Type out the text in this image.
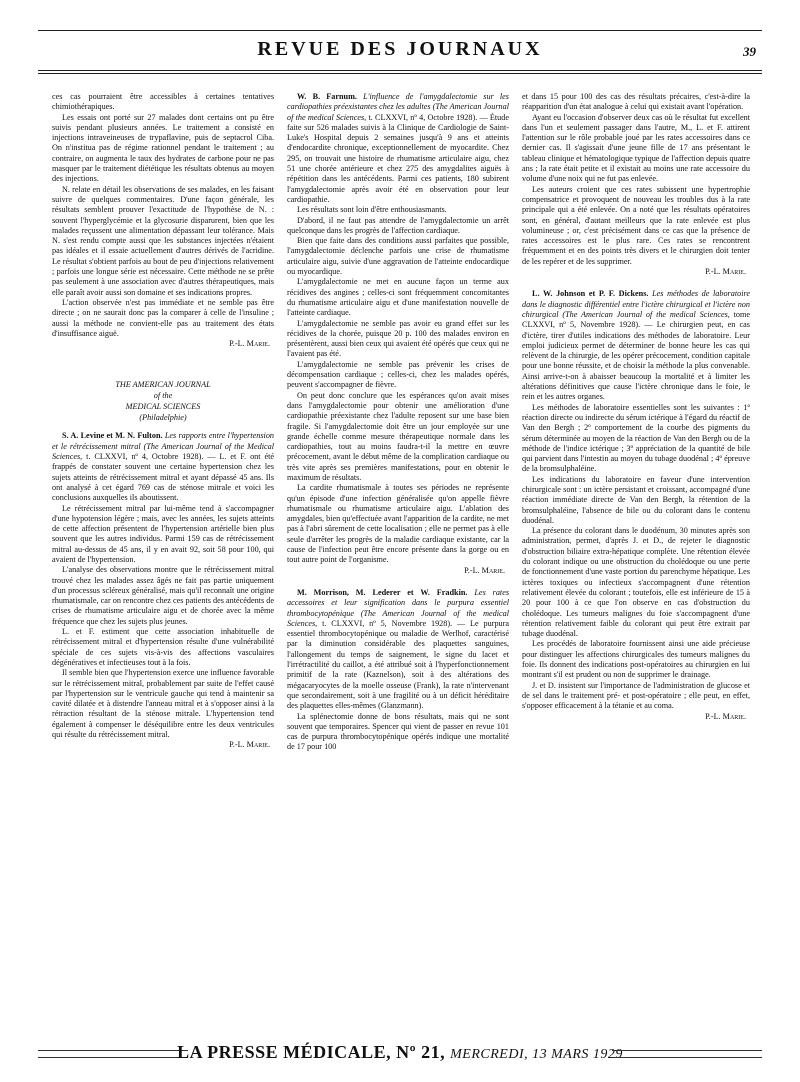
REVUE DES JOURNAUX	39

ces cas pourraient être accessibles à certaines tentatives chimiothérapiques.

Les essais ont porté sur 27 malades dont certains ont pu être suivis pendant plusieurs années. Le traitement a consisté en injections intraveineuses de trypaflavine, puis de septacrol Ciba. On n'institua pas de régime rationnel pendant le traitement ; au contraire, on augmenta le taux des hydrates de carbone pour ne pas masquer par le traitement diététique les résultats obtenus au moyen des injections.

N. relate en détail les observations de ses malades, en les faisant suivre de quelques commentaires. D'une façon générale, les résultats semblent prouver l'exactitude de l'hypothèse de N. : souvent l'hyperglycémie et la glycosurie disparurent, bien que les malades reçussent une alimentation dépassant leur tolérance. Mais N. s'est rendu compte aussi que les substances injectées n'étaient pas idéales et il essaie actuellement d'autres dérivés de l'acridine. Le résultat s'obtient parfois au bout de peu d'injections relativement ; parfois une longue série est nécessaire. Cette méthode ne se prête pas seulement à une association avec d'autres thérapeutiques, mais elle paraît avoir aussi son domaine et ses indications propres.

L'action observée n'est pas immédiate et ne semble pas être directe ; on ne saurait donc pas la comparer à celle de l'insuline ; aussi la méthode ne convient-elle pas au traitement des états d'insuffisance aiguë.

P.-L. Marie.
THE AMERICAN JOURNAL
of the
MEDICAL SCIENCES
(Philadelphie)

S. A. Levine et M. N. Fulton. Les rapports entre l'hypertension et le rétrécissement mitral (The American Journal of the Medical Sciences, t. CLXXVI, nº 4, Octobre 1928). — L. et F. ont été frappés de constater souvent une certaine hypertension chez les sujets atteints de rétrécissement mitral et ayant dépassé 45 ans. Ils ont analysé à cet égard 769 cas de sténose mitrale et voici les conclusions auxquelles ils aboutissent.

Le rétrécissement mitral par lui-même tend à s'accompagner d'une hypotension légère ; mais, avec les années, les sujets atteints de cette affection présentent de l'hypertension artérielle bien plus souvent que les autres individus. Parmi 159 cas de rétrécissement mitral au-dessus de 45 ans, il y en avait 92, soit 58 pour 100, qui avaient de l'hypertension.

L'analyse des observations montre que le rétrécissement mitral trouvé chez les malades assez âgés ne fait pas partie uniquement d'un processus scléreux généralisé, mais qu'il reconnaît une origine rhumatismale, car on rencontre chez ces patients des antécédents de crises de rhumatisme articulaire aigu et de chorée avec la même fréquence que chez les sujets plus jeunes.

L. et F. estiment que cette association inhabituelle de rétrécissement mitral et d'hypertension résulte d'une vulnérabilité spéciale de ces sujets vis-à-vis des affections vasculaires dégénératives et infectieuses tout à la fois.

Il semble bien que l'hypertension exerce une influence favorable sur le rétrécissement mitral, probablement par suite de l'effet causé par l'hypertension sur le ventricule gauche qui tend à maintenir sa cavité dilatée et à distendre l'anneau mitral et à s'opposer ainsi à la rétraction résultant de la sténose mitrale. L'hypertension tend également à compenser le déséquilibre entre les deux ventricules qui résulte du rétrécissement mitral.

P.-L. Marie.

W. B. Farnum. L'influence de l'amygdalectomie sur les cardiopathies préexistantes chez les adultes (The American Journal of the medical Sciences, t. CLXXVI, nº 4, Octobre 1928). — Étude faite sur 526 malades suivis à la Clinique de Cardiologie de Saint-Luke's Hospital depuis 2 semaines jusqu'à 9 ans et atteints d'endocardite chronique, exceptionnellement de myocardite. Chez 295, on trouvait une histoire de rhumatisme articulaire aigu, chez 51 une chorée antérieure et chez 275 des amygdalites aiguës à répétition dans les antécédents. Parmi ces patients, 180 subirent l'amygdalectomie après avoir été en observation pour leur cardiopathie.

Les résultats sont loin d'être enthousiasmants.

D'abord, il ne faut pas attendre de l'amygdalectomie un arrêt quelconque dans les progrès de l'affection cardiaque.

Bien que faite dans des conditions aussi parfaites que possible, l'amygdalectomie déclenche parfois une crise de rhumatisme articulaire aigu, suivie d'une aggravation de l'atteinte endocardique ou myocardique.

L'amygdalectomie ne met en aucune façon un terme aux récidives des angines ; celles-ci sont fréquemment concomitantes du rhumatisme articulaire aigu et d'une manifestation nouvelle de l'atteinte cardiaque.

L'amygdalectomie ne semble pas avoir eu grand effet sur les récidives de la chorée, puisque 20 p. 100 des malades environ en présentèrent, aussi bien ceux qui avaient été opérés que ceux qui ne l'avaient pas été.

L'amygdalectomie ne semble pas prévenir les crises de décompensation cardiaque ; celles-ci, chez les malades opérés, peuvent s'accompagner de fièvre.

On peut donc conclure que les espérances qu'on avait mises dans l'amygdalectomie pour obtenir une amélioration d'une cardiopathie préexistante chez l'adulte reposent sur une base bien fragile. Si l'amygdalectomie doit être un jour employée sur une grande échelle comme mesure thérapeutique normale dans les cardiopathies, tout au moins faudra-t-il la mettre en œuvre précocement, avant le début même de la complication cardiaque ou très vite après ses premières manifestations, pour en obtenir le maximum de résultats.

La cardite rhumatismale à toutes ses périodes ne représente qu'un épisode d'une infection généralisée qu'on appelle fièvre rhumatismale ou rhumatisme articulaire aigu. L'ablation des amygdales, bien qu'effectuée avant l'apparition de la cardite, ne met pas à l'abri sûrement de cette localisation ; elle ne permet pas à elle seule d'arrêter les progrès de la maladie cardiaque existante, car la cause de l'infection peut être encore présente dans la gorge ou en tout autre point de l'organisme.

P.-L. Marie.

M. Morrison, M. Lederer et W. Fradkin. Les rates accessoires et leur signification dans le purpura essentiel thrombocytopénique (The American Journal of the medical Sciences, t. CLXXVI, nº 5, Novembre 1928). — Le purpura essentiel thrombocytopénique ou maladie de Werlhof, caractérisé par la diminution considérable des plaquettes sanguines, l'allongement du temps de saignement, le signe du lacet et l'irrétractilité du caillot, a été attribué soit à l'hyperfonctionnement primitif de la rate (Kaznelson), soit à des altérations des mégacaryocytes de la moelle osseuse (Frank), la rate n'intervenant que secondairement, soit à une fragilité ou à un déficit héréditaire des plaquettes elles-mêmes (Glanzmann).

La splénectomie donne de bons résultats, mais qui ne sont souvent que temporaires. Spencer qui vient de passer en revue 101 cas de purpura thrombocytopénique opérés indique une mortalité de 17 pour 100

et dans 15 pour 100 des cas des résultats précaires, c'est-à-dire la réapparition d'un état analogue à celui qui existait avant l'opération.

Ayant eu l'occasion d'observer deux cas où le résultat fut excellent dans l'un et seulement passager dans l'autre, M., L. et F. attirent l'attention sur le rôle probable joué par les rates accessoires dans ce dernier cas. Il s'agissait d'une jeune fille de 17 ans présentant le tableau clinique et hématologique typique de l'affection depuis quatre ans ; la rate était petite et il existait au moins une rate accessoire du volume d'une noix qui ne fut pas enlevée.

Les auteurs croient que ces rates subissent une hypertrophie compensatrice et provoquent de nouveau les troubles dus à la rate principale qui a été enlevée. On a noté que les résultats opératoires sont, en général, d'autant meilleurs que la rate enlevée est plus volumineuse ; or, c'est précisément dans ce cas que la présence de rates accessoires est le plus rare. Ces rates se rencontrent fréquemment et en des points très divers et le chirurgien doit tenter de les repérer et de les supprimer.

P.-L. Marie.

L. W. Johnson et P. F. Dickens. Les méthodes de laboratoire dans le diagnostic différentiel entre l'ictère chirurgical et l'ictère non chirurgical (The American Journal of the medical Sciences, tome CLXXVI, nº 5, Novembre 1928). — Le chirurgien peut, en cas d'ictère, tirer d'utiles indications des méthodes de laboratoire. Leur emploi judicieux permet de déterminer de bonne heure les cas qui relèvent de la chirurgie, de les opérer précocement, condition capitale pour une bonne réussite, et de choisir la méthode la plus convenable. Ainsi arrive-t-on à abaisser beaucoup la mortalité et à limiter les altérations définitives que cause l'ictère chronique dans le foie, le rein et les autres organes.

Les méthodes de laboratoire essentielles sont les suivantes : 1º réaction directe ou indirecte du sérum ictérique à l'égard du réactif de Van den Bergh ; 2º comportement de la courbe des pigments du sérum déterminée au moyen de la réaction de Van den Bergh ou de la méthode de l'indice ictérique ; 3º appréciation de la quantité de bile qui parvient dans l'intestin au moyen du tubage duodénal ; 4º épreuve de la bromsulphaléine.

Les indications du laboratoire en faveur d'une intervention chirurgicale sont : un ictère persistant et croissant, accompagné d'une réaction immédiate directe de Van den Bergh, la rétention de la bromsulphaléine, l'absence de bile ou du colorant dans le contenu duodénal.

La présence du colorant dans le duodénum, 30 minutes après son administration, permet, d'après J. et D., de rejeter le diagnostic d'obstruction biliaire extra-hépatique complète. Une rétention élevée du colorant indique ou une obstruction du cholédoque ou une perte de fonctionnement d'une vaste portion du parenchyme hépatique. Les ictères toxiques ou infectieux s'accompagnent d'une rétention relativement élevée du colorant ; toutefois, elle est inférieure de 15 à 20 pour 100 à ce que l'on observe en cas d'obstruction du cholédoque. Les tumeurs malignes du foie s'accompagnent d'une rétention relativement faible du colorant qui peut être extrait par tubage duodénal.

Les procédés de laboratoire fournissent ainsi une aide précieuse pour distinguer les affections chirurgicales des tumeurs malignes du foie. Ils donnent des indications post-opératoires au chirurgien en lui montrant s'il est prudent ou non de supprimer le drainage.

J. et D. insistent sur l'importance de l'administration de glucose et de sel dans le traitement pré- et post-opératoire ; elle peut, en effet, s'opposer efficacement à la tétanie et au coma.

P.-L. Marie.
LA PRESSE MÉDICALE, Nº 21, MERCREDI, 13 MARS 1929
